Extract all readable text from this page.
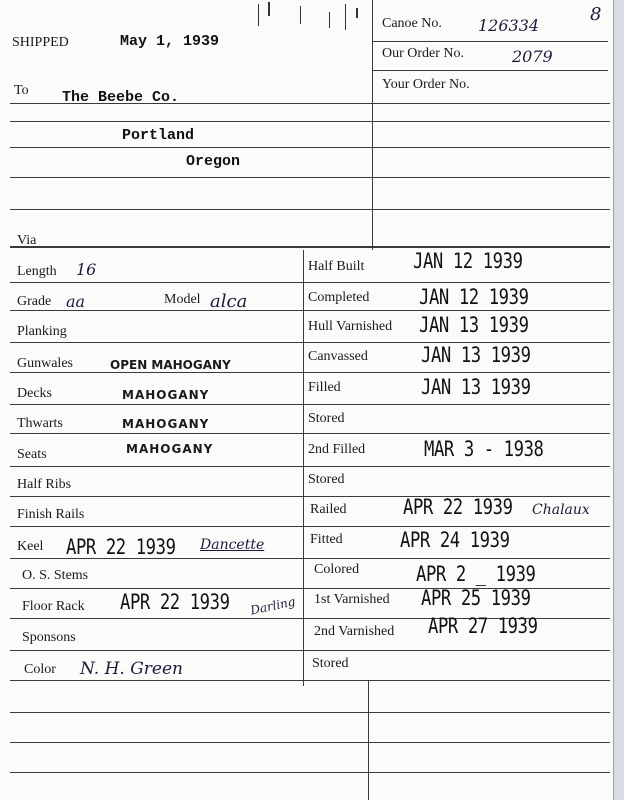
SHIPPED	May 1, 1939
To The Beebe Co.
Portland
Oregon
Canoe No. 126334
8
Our Order No.	2079
Your Order No.
Via
Length 16
Grade aa	Model alca
Planking
Gunwales	OPEN MAHOGANY
Decks	MAHOGANY
Thwarts	MAHOGANY
Seats	MAHOGANY
Half Ribs
Finish Rails
Keel APR 22 1939 Dancette
O. S. Stems
Floor Rack APR 22 1939 Darling
Sponsons
Color N. H. Green
Half Built JAN 12 1939
Completed JAN 12 1939
Hull Varnished JAN 13 1939
Canvassed	JAN 13 1939
Filled	JAN 13 1939
Stored
2nd Filled	MAR 3 - 1938
Stored
Railed	APR 22 1939 Chalaux
Fitted	APR 24 1939
Colored	APR 2 _ 1939
1st Varnished APR 25 1939
2nd Varnished APR 27 1939
Stored
